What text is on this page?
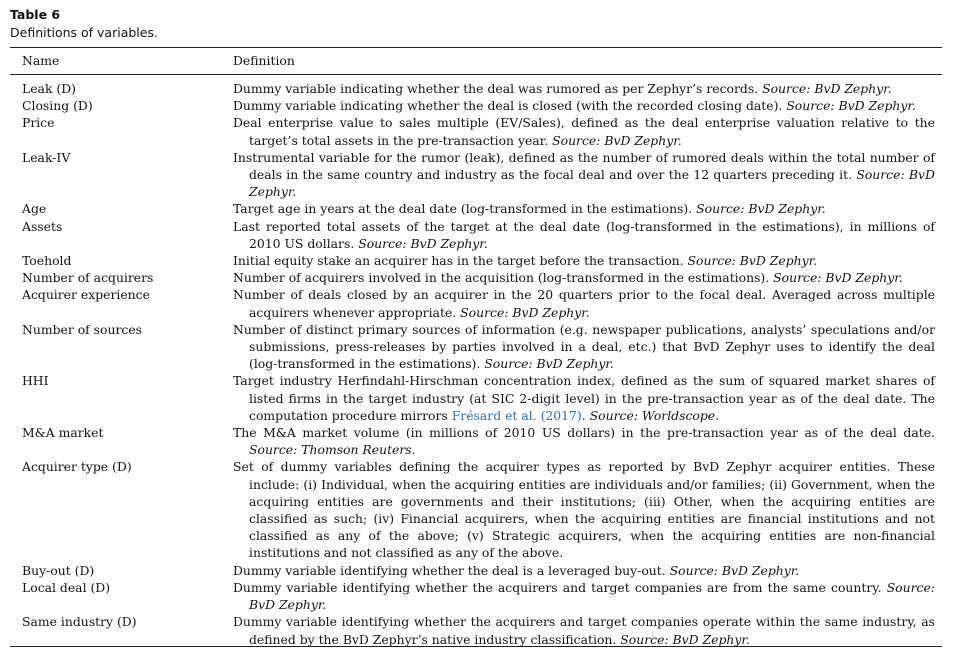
Table 6
Definitions of variables.
Name	Definition
Leak (D)	Dummy variable indicating whether the deal was rumored as per Zephyr’s records. Source: BvD Zephyr.
Closing (D)	Dummy variable indicating whether the deal is closed (with the recorded closing date). Source: BvD Zephyr.
Price	Deal enterprise value to sales multiple (EV/Sales), defined as the deal enterprise valuation relative to the target’s total assets in the pre-transaction year. Source: BvD Zephyr.
Leak-IV	Instrumental variable for the rumor (leak), defined as the number of rumored deals within the total number of deals in the same country and industry as the focal deal and over the 12 quarters preceding it. Source: BvD Zephyr.
Age	Target age in years at the deal date (log-transformed in the estimations). Source: BvD Zephyr.
Assets	Last reported total assets of the target at the deal date (log-transformed in the estimations), in millions of 2010 US dollars. Source: BvD Zephyr.
Toehold	Initial equity stake an acquirer has in the target before the transaction. Source: BvD Zephyr.
Number of acquirers	Number of acquirers involved in the acquisition (log-transformed in the estimations). Source: BvD Zephyr.
Acquirer experience	Number of deals closed by an acquirer in the 20 quarters prior to the focal deal. Averaged across multiple acquirers whenever appropriate. Source: BvD Zephyr.
Number of sources	Number of distinct primary sources of information (e.g. newspaper publications, analysts’ speculations and/or submissions, press-releases by parties involved in a deal, etc.) that BvD Zephyr uses to identify the deal (log-transformed in the estimations). Source: BvD Zephyr.
HHI	Target industry Herfindahl-Hirschman concentration index, defined as the sum of squared market shares of listed firms in the target industry (at SIC 2-digit level) in the pre-transaction year as of the deal date. The computation procedure mirrors Frésard et al. (2017). Source: Worldscope.
M&A market	The M&A market volume (in millions of 2010 US dollars) in the pre-transaction year as of the deal date. Source: Thomson Reuters.
Acquirer type (D)	Set of dummy variables defining the acquirer types as reported by BvD Zephyr acquirer entities. These include: (i) Individual, when the acquiring entities are individuals and/or families; (ii) Government, when the acquiring entities are governments and their institutions; (iii) Other, when the acquiring entities are classified as such; (iv) Financial acquirers, when the acquiring entities are financial institutions and not classified as any of the above; (v) Strategic acquirers, when the acquiring entities are non-financial institutions and not classified as any of the above.
Buy-out (D)	Dummy variable identifying whether the deal is a leveraged buy-out. Source: BvD Zephyr.
Local deal (D)	Dummy variable identifying whether the acquirers and target companies are from the same country. Source: BvD Zephyr.
Same industry (D)	Dummy variable identifying whether the acquirers and target companies operate within the same industry, as defined by the BvD Zephyr’s native industry classification. Source: BvD Zephyr.
